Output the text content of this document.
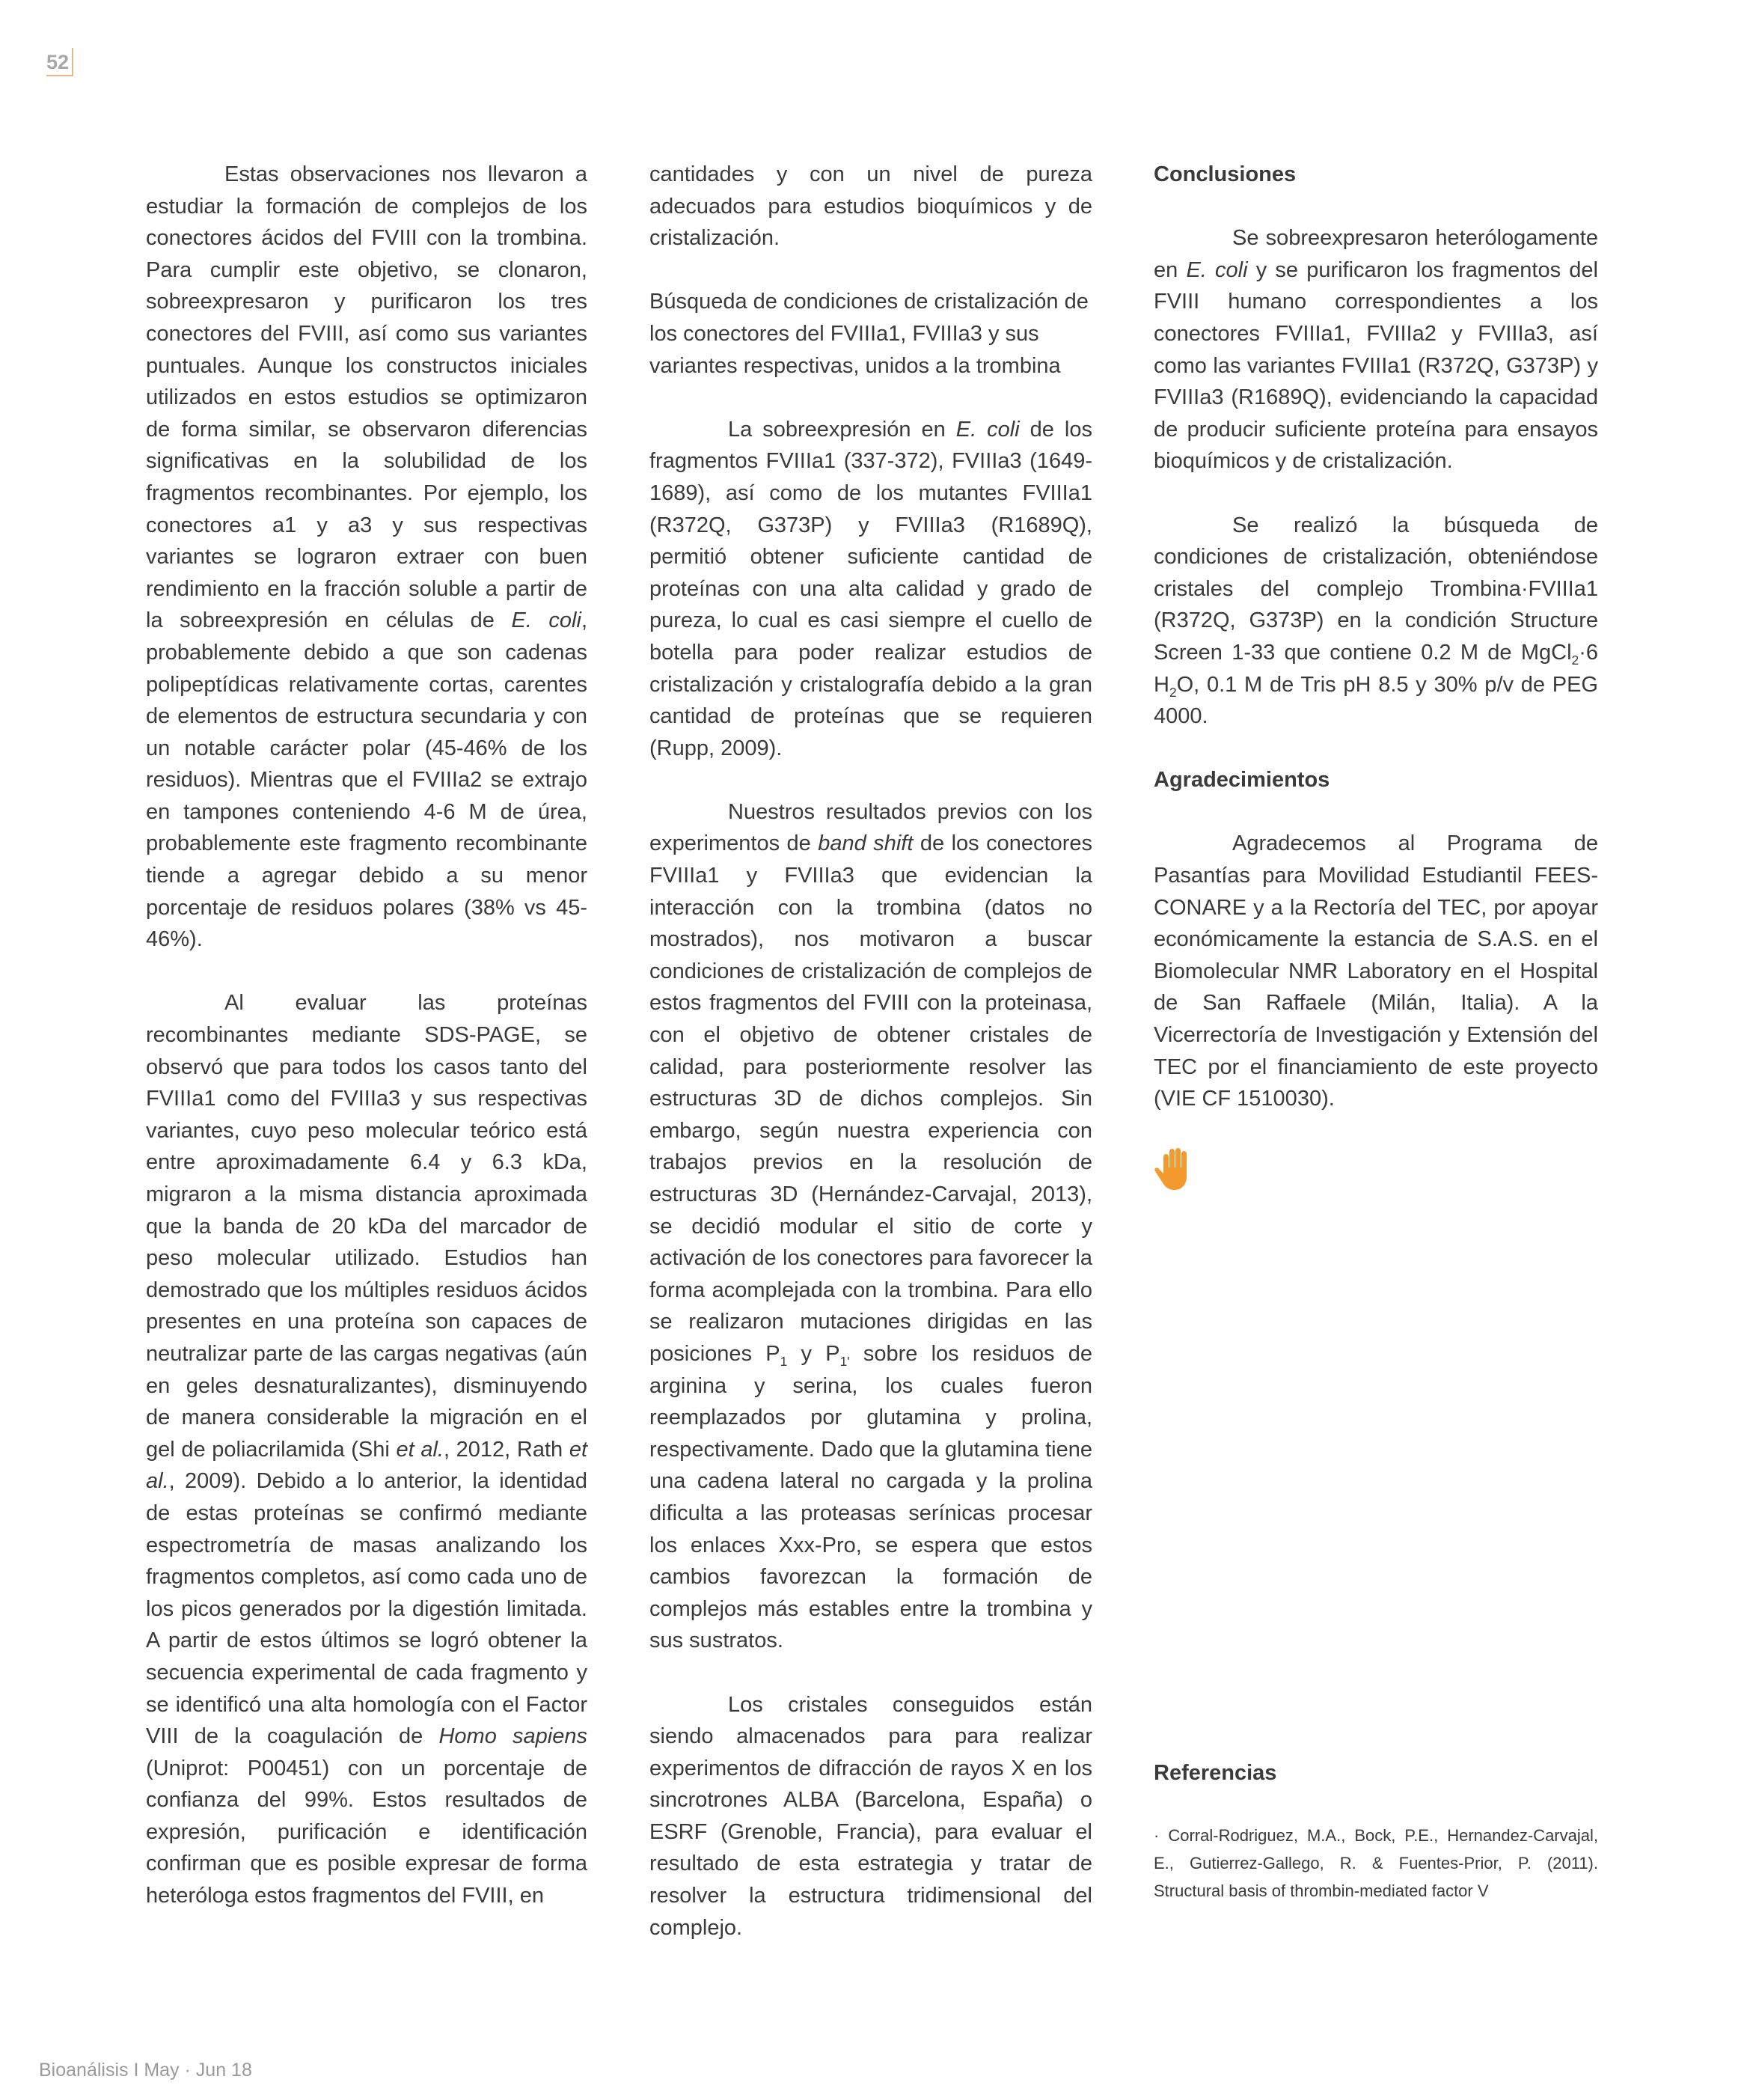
52

Estas observaciones nos llevaron a estudiar la formación de complejos de los conectores ácidos del FVIII con la trombina. Para cumplir este objetivo, se clonaron, sobreexpresaron y purificaron los tres conectores del FVIII, así como sus variantes puntuales. Aunque los constructos iniciales utilizados en estos estudios se optimizaron de forma similar, se observaron diferencias significativas en la solubilidad de los fragmentos recombinantes. Por ejemplo, los conectores a1 y a3 y sus respectivas variantes se lograron extraer con buen rendimiento en la fracción soluble a partir de la sobreexpresión en células de E. coli, probablemente debido a que son cadenas polipeptídicas relativamente cortas, carentes de elementos de estructura secundaria y con un notable carácter polar (45-46% de los residuos). Mientras que el FVIIIa2 se extrajo en tampones conteniendo 4-6 M de úrea, probablemente este fragmento recombinante tiende a agregar debido a su menor porcentaje de residuos polares (38% vs 45-46%).

Al evaluar las proteínas recombinantes mediante SDS-PAGE, se observó que para todos los casos tanto del FVIIIa1 como del FVIIIa3 y sus respectivas variantes, cuyo peso molecular teórico está entre aproximadamente 6.4 y 6.3 kDa, migraron a la misma distancia aproximada que la banda de 20 kDa del marcador de peso molecular utilizado. Estudios han demostrado que los múltiples residuos ácidos presentes en una proteína son capaces de neutralizar parte de las cargas negativas (aún en geles desnaturalizantes), disminuyendo de manera considerable la migración en el gel de poliacrilamida (Shi et al., 2012, Rath et al., 2009). Debido a lo anterior, la identidad de estas proteínas se confirmó mediante espectrometría de masas analizando los fragmentos completos, así como cada uno de los picos generados por la digestión limitada. A partir de estos últimos se logró obtener la secuencia experimental de cada fragmento y se identificó una alta homología con el Factor VIII de la coagulación de Homo sapiens (Uniprot: P00451) con un porcentaje de confianza del 99%. Estos resultados de expresión, purificación e identificación confirman que es posible expresar de forma heteróloga estos fragmentos del FVIII, en

cantidades y con un nivel de pureza adecuados para estudios bioquímicos y de cristalización.

Búsqueda de condiciones de cristalización de los conectores del FVIIIa1, FVIIIa3 y sus variantes respectivas, unidos a la trombina

La sobreexpresión en E. coli de los fragmentos FVIIIa1 (337-372), FVIIIa3 (1649-1689), así como de los mutantes FVIIIa1 (R372Q, G373P) y FVIIIa3 (R1689Q), permitió obtener suficiente cantidad de proteínas con una alta calidad y grado de pureza, lo cual es casi siempre el cuello de botella para poder realizar estudios de cristalización y cristalografía debido a la gran cantidad de proteínas que se requieren (Rupp, 2009).

Nuestros resultados previos con los experimentos de band shift de los conectores FVIIIa1 y FVIIIa3 que evidencian la interacción con la trombina (datos no mostrados), nos motivaron a buscar condiciones de cristalización de complejos de estos fragmentos del FVIII con la proteinasa, con el objetivo de obtener cristales de calidad, para posteriormente resolver las estructuras 3D de dichos complejos. Sin embargo, según nuestra experiencia con trabajos previos en la resolución de estructuras 3D (Hernández-Carvajal, 2013), se decidió modular el sitio de corte y activación de los conectores para favorecer la forma acomplejada con la trombina. Para ello se realizaron mutaciones dirigidas en las posiciones $P_1$ y $P_{1'}$ sobre los residuos de arginina y serina, los cuales fueron reemplazados por glutamina y prolina, respectivamente. Dado que la glutamina tiene una cadena lateral no cargada y la prolina dificulta a las proteasas serínicas procesar los enlaces Xxx-Pro, se espera que estos cambios favorezcan la formación de complejos más estables entre la trombina y sus sustratos.

Los cristales conseguidos están siendo almacenados para para realizar experimentos de difracción de rayos X en los sincrotrones ALBA (Barcelona, España) o ESRF (Grenoble, Francia), para evaluar el resultado de esta estrategia y tratar de resolver la estructura tridimensional del complejo.

Conclusiones

Se sobreexpresaron heterólogamente en E. coli y se purificaron los fragmentos del FVIII humano correspondientes a los conectores FVIIIa1, FVIIIa2 y FVIIIa3, así como las variantes FVIIIa1 (R372Q, G373P) y FVIIIa3 (R1689Q), evidenciando la capacidad de producir suficiente proteína para ensayos bioquímicos y de cristalización.

Se realizó la búsqueda de condiciones de cristalización, obteniéndose cristales del complejo Trombina·FVIIIa1 (R372Q, G373P) en la condición Structure Screen 1-33 que contiene 0.2 M de MgCl$_2$·6 $H_2O$, 0.1 M de Tris pH 8.5 y 30% p/v de PEG 4000.

Agradecimientos

Agradecemos al Programa de Pasantías para Movilidad Estudiantil FEES-CONARE y a la Rectoría del TEC, por apoyar económicamente la estancia de S.A.S. en el Biomolecular NMR Laboratory en el Hospital de San Raffaele (Milán, Italia). A la Vicerrectoría de Investigación y Extensión del TEC por el financiamiento de este proyecto (VIE CF 1510030).

Referencias

· Corral-Rodriguez, M.A., Bock, P.E., Hernandez-Carvajal, E., Gutierrez-Gallego, R. & Fuentes-Prior, P. (2011). Structural basis of thrombin-mediated factor V

Bioanálisis I May · Jun 18
